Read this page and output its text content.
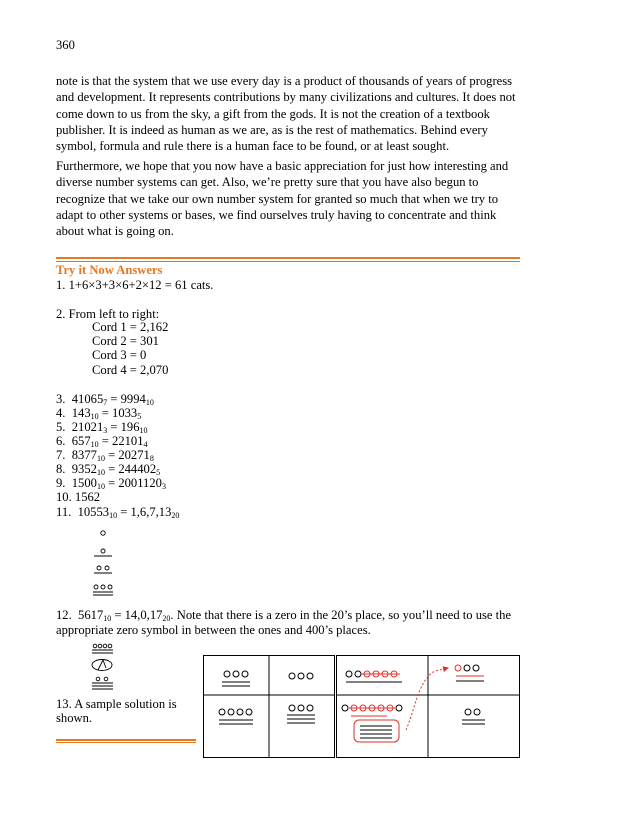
360
note is that the system that we use every day is a product of thousands of years of progress and development. It represents contributions by many civilizations and cultures. It does not come down to us from the sky, a gift from the gods. It is not the creation of a textbook publisher. It is indeed as human as we are, as is the rest of mathematics. Behind every symbol, formula and rule there is a human face to be found, or at least sought.
Furthermore, we hope that you now have a basic appreciation for just how interesting and diverse number systems can get. Also, we’re pretty sure that you have also begun to recognize that we take our own number system for granted so much that when we try to adapt to other systems or bases, we find ourselves truly having to concentrate and think about what is going on.
Try it Now Answers
1. 1+6×3+3×6+2×12 = 61 cats.
2. From left to right:
Cord 1 = 2,162
Cord 2 = 301
Cord 3 = 0
Cord 4 = 2,070
3. $41065_7 = 9994_{10}$
4. $143_{10} = 1033_5$
5. $21021_3 = 196_{10}$
6. $657_{10} = 22101_4$
7. $8377_{10} = 20271_8$
8. $9352_{10} = 244402_5$
9. $1500_{10} = 2001120_3$
10. 1562
11. $10553_{10} = 1,6,7,13_{20}$
12. $5617_{10} = 14,0,17_{20}$. Note that there is a zero in the 20’s place, so you’ll need to use the
appropriate zero symbol in between the ones and 400’s places.
13. A sample solution is
shown.
